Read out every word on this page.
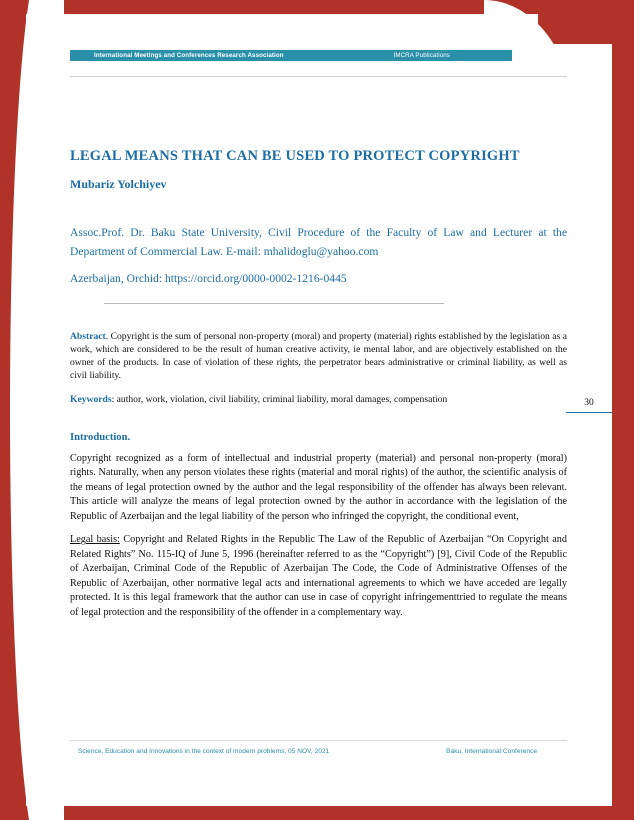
International Meetings and Conferences Research Association	IMCRA Publications
LEGAL MEANS THAT CAN BE USED TO PROTECT COPYRIGHT
Mubariz Yolchiyev
Assoc.Prof. Dr. Baku State University, Civil Procedure of the Faculty of Law and Lecturer at the Department of Commercial Law. E-mail: mhalidoglu@yahoo.com
Azerbaijan, Orchid: https://orcid.org/0000-0002-1216-0445
Abstract. Copyright is the sum of personal non-property (moral) and property (material) rights established by the legislation as a work, which are considered to be the result of human creative activity, ie mental labor, and are objectively established on the owner of the products. In case of violation of these rights, the perpetrator bears administrative or criminal liability, as well as civil liability.
Keywords: author, work, violation, civil liability, criminal liability, moral damages, compensation
Introduction.
Copyright recognized as a form of intellectual and industrial property (material) and personal non-property (moral) rights. Naturally, when any person violates these rights (material and moral rights) of the author, the scientific analysis of the means of legal protection owned by the author and the legal responsibility of the offender has always been relevant. This article will analyze the means of legal protection owned by the author in accordance with the legislation of the Republic of Azerbaijan and the legal liability of the person who infringed the copyright, the conditional event,
Legal basis: Copyright and Related Rights in the Republic The Law of the Republic of Azerbaijan “On Copyright and Related Rights” No. 115-IQ of June 5, 1996 (hereinafter referred to as the “Copyright”) [9], Civil Code of the Republic of Azerbaijan, Criminal Code of the Republic of Azerbaijan The Code, the Code of Administrative Offenses of the Republic of Azerbaijan, other normative legal acts and international agreements to which we have acceded are legally protected. It is this legal framework that the author can use in case of copyright infringementtried to regulate the means of legal protection and the responsibility of the offender in a complementary way.
30
Science, Education and Innovations in the context of modern problems, 05 NOV, 2021	Baku, International Conference
